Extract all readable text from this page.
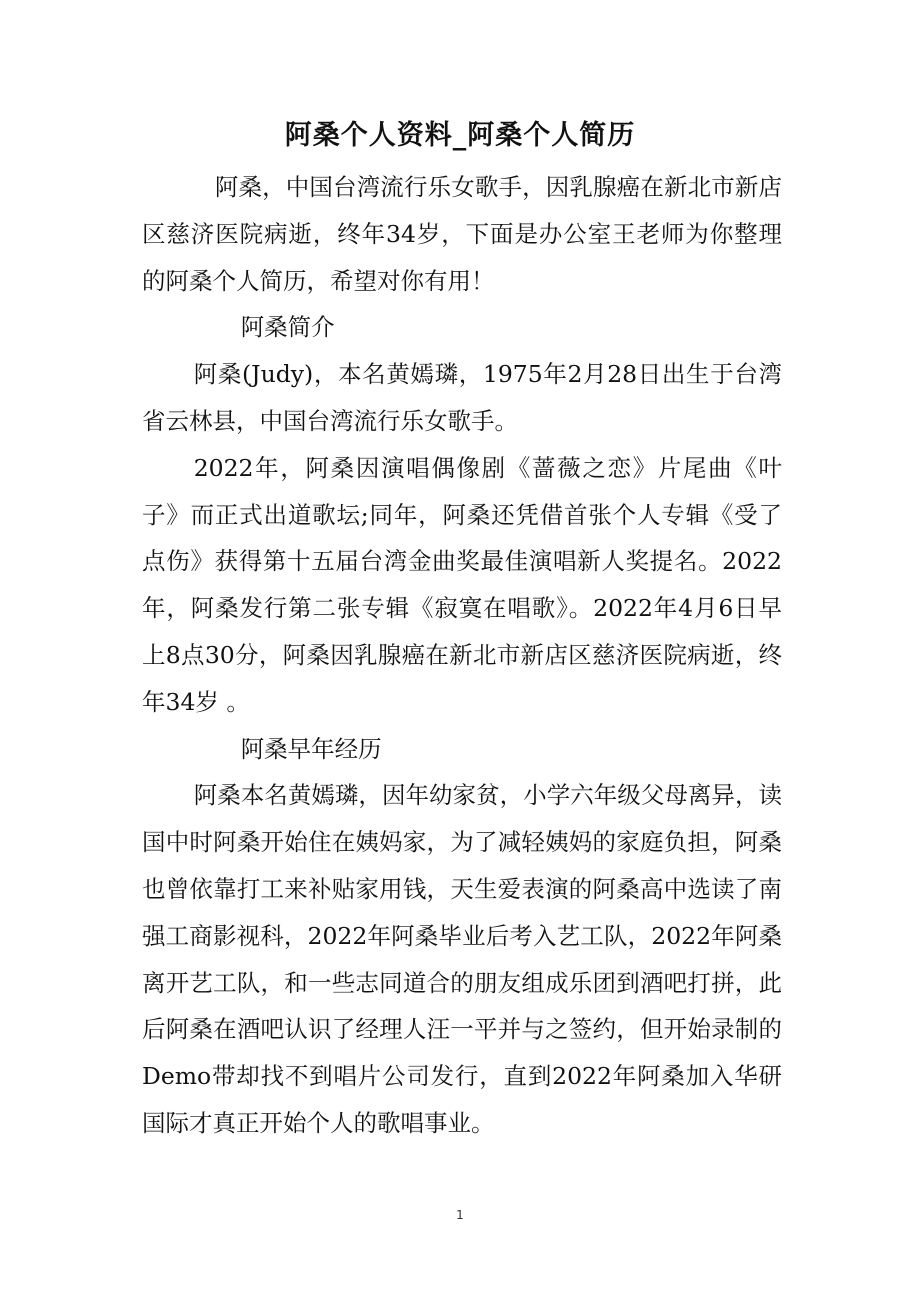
阿桑个人资料_阿桑个人简历

阿桑，中国台湾流行乐女歌手，因乳腺癌在新北市新店区慈济医院病逝，终年34岁，下面是办公室王老师为你整理的阿桑个人简历，希望对你有用！

阿桑简介

阿桑(Judy)，本名黄嫣璘，1975年2月28日出生于台湾省云林县，中国台湾流行乐女歌手。

2022年，阿桑因演唱偶像剧《蔷薇之恋》片尾曲《叶子》而正式出道歌坛;同年，阿桑还凭借首张个人专辑《受了点伤》获得第十五届台湾金曲奖最佳演唱新人奖提名。2022年，阿桑发行第二张专辑《寂寞在唱歌》。2022年4月6日早上8点30分，阿桑因乳腺癌在新北市新店区慈济医院病逝，终年34岁 。

阿桑早年经历

阿桑本名黄嫣璘，因年幼家贫，小学六年级父母离异，读国中时阿桑开始住在姨妈家，为了减轻姨妈的家庭负担，阿桑也曾依靠打工来补贴家用钱，天生爱表演的阿桑高中选读了南强工商影视科，2022年阿桑毕业后考入艺工队，2022年阿桑离开艺工队，和一些志同道合的朋友组成乐团到酒吧打拼，此后阿桑在酒吧认识了经理人汪一平并与之签约，但开始录制的Demo带却找不到唱片公司发行，直到2022年阿桑加入华研国际才真正开始个人的歌唱事业。

1
